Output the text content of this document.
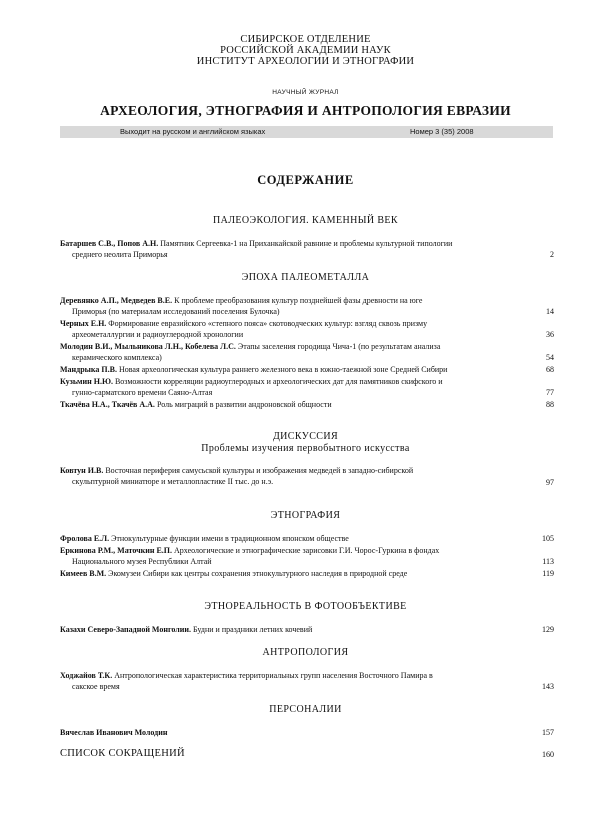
СИБИРСКОЕ ОТДЕЛЕНИЕ
РОССИЙСКОЙ АКАДЕМИИ НАУК
ИНСТИТУТ АРХЕОЛОГИИ И ЭТНОГРАФИИ
НАУЧНЫЙ ЖУРНАЛ
АРХЕОЛОГИЯ, ЭТНОГРАФИЯ И АНТРОПОЛОГИЯ ЕВРАЗИИ
Выходит на русском и английском языках	Номер 3 (35) 2008
СОДЕРЖАНИЕ
ПАЛЕОЭКОЛОГИЯ. КАМЕННЫЙ ВЕК
Батаршев С.В., Попов А.Н. Памятник Сергеевка-1 на Приханкайской равнине и проблемы культурной типологии
среднего неолита Приморья	2
ЭПОХА ПАЛЕОМЕТАЛЛА
Деревянко А.П., Медведев В.Е. К проблеме преобразования культур позднейшей фазы древности на юге
Приморья (по материалам исследований поселения Булочка)	14
Черных Е.Н. Формирование евразийского «степного пояса» скотоводческих культур: взгляд сквозь призму
археометаллургии и радиоуглеродной хронологии	36
Молодин В.И., Мыльникова Л.Н., Кобелева Л.С. Этапы заселения городища Чича-1 (по результатам анализа
керамического комплекса)	54
Мандрыка П.В. Новая археологическая культура раннего железного века в южно-таежной зоне Средней Сибири	68
Кузьмин Н.Ю. Возможности корреляции радиоуглеродных и археологических дат для памятников скифского и
гунно-сарматского времени Саяно-Алтая	77
Ткачёва Н.А., Ткачёв А.А. Роль миграций в развитии андроновской общности	88
ДИСКУССИЯ
Проблемы изучения первобытного искусства
Ковтун И.В. Восточная периферия самусьской культуры и изображения медведей в западно-сибирской
скульптурной миниатюре и металлопластике II тыс. до н.э.	97
ЭТНОГРАФИЯ
Фролова Е.Л. Этнокультурные функции имени в традиционном японском обществе	105
Еркинова Р.М., Маточкин Е.П. Археологические и этнографические зарисовки Г.И. Чорос-Гуркина в фондах
Национального музея Республики Алтай	113
Кимеев В.М. Экомузеи Сибири как центры сохранения этнокультурного наследия в природной среде	119
ЭТНОРЕАЛЬНОСТЬ В ФОТООБЪЕКТИВЕ
Казахи Северо-Западной Монголии. Будни и праздники летних кочевий	129
АНТРОПОЛОГИЯ
Ходжайов Т.К. Антропологическая характеристика территориальных групп населения Восточного Памира в
сакское время	143
ПЕРСОНАЛИИ
Вячеслав Иванович Молодин	157
СПИСОК СОКРАЩЕНИЙ	160
